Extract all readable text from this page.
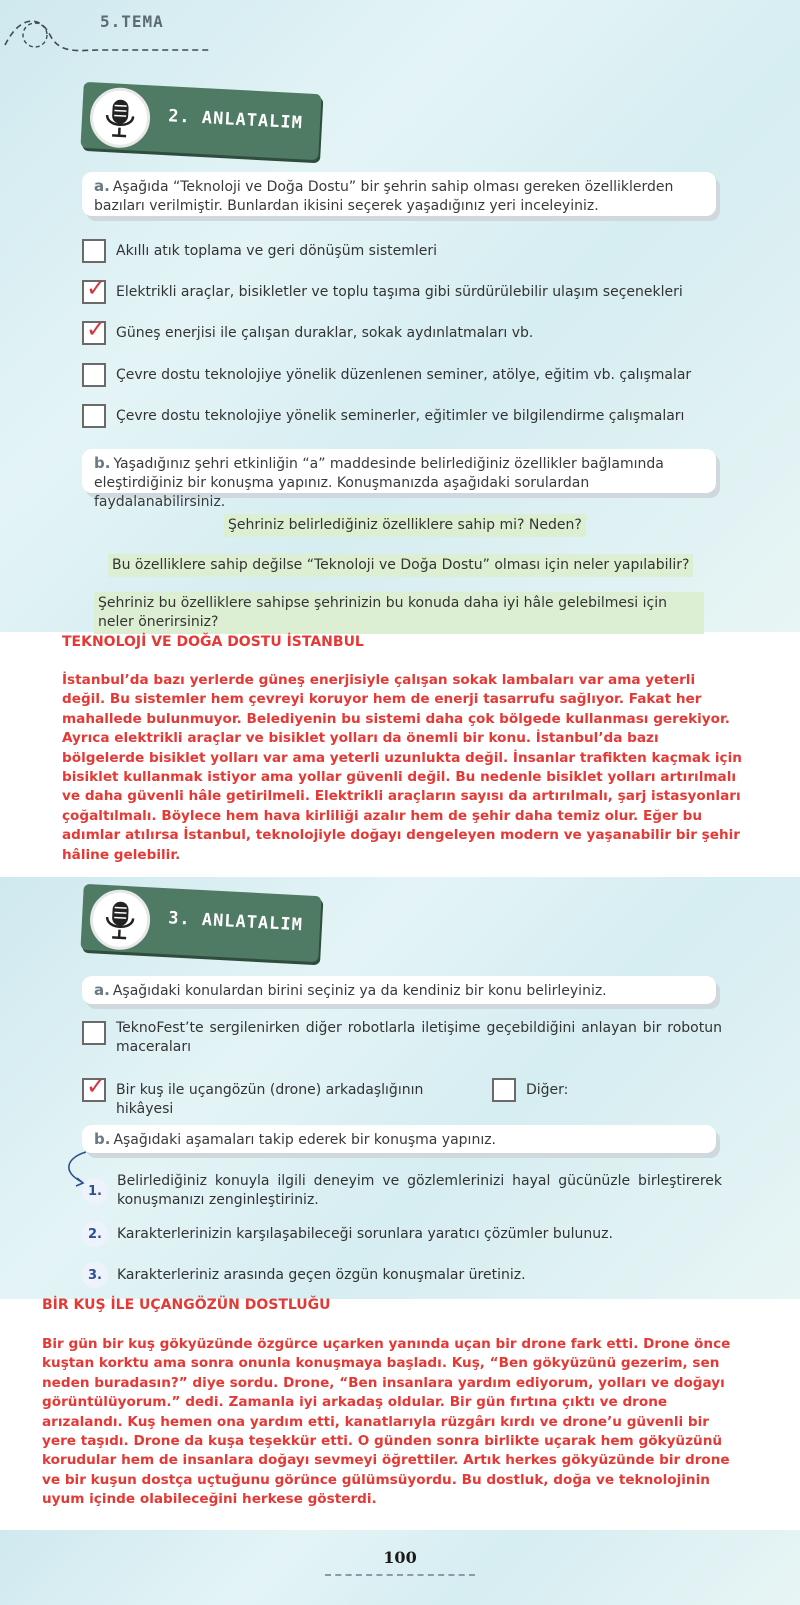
5.TEMA
2. ANLATALIM
a. Aşağıda “Teknoloji ve Doğa Dostu” bir şehrin sahip olması gereken özelliklerden bazıları verilmiştir. Bunlardan ikisini seçerek yaşadığınız yeri inceleyiniz.
Akıllı atık toplama ve geri dönüşüm sistemleri
✓ Elektrikli araçlar, bisikletler ve toplu taşıma gibi sürdürülebilir ulaşım seçenekleri
✓ Güneş enerjisi ile çalışan duraklar, sokak aydınlatmaları vb.
Çevre dostu teknolojiye yönelik düzenlenen seminer, atölye, eğitim vb. çalışmalar
Çevre dostu teknolojiye yönelik seminerler, eğitimler ve bilgilendirme çalışmaları
b. Yaşadığınız şehri etkinliğin “a” maddesinde belirlediğiniz özellikler bağlamında eleştirdiğiniz bir konuşma yapınız. Konuşmanızda aşağıdaki sorulardan faydalanabilirsiniz.
Şehriniz belirlediğiniz özelliklere sahip mi? Neden?
Bu özelliklere sahip değilse “Teknoloji ve Doğa Dostu” olması için neler yapılabilir?
Şehriniz bu özelliklere sahipse şehrinizin bu konuda daha iyi hâle gelebilmesi için neler önerirsiniz?
TEKNOLOJİ VE DOĞA DOSTU İSTANBUL
İstanbul’da bazı yerlerde güneş enerjisiyle çalışan sokak lambaları var ama yeterli değil. Bu sistemler hem çevreyi koruyor hem de enerji tasarrufu sağlıyor. Fakat her mahallede bulunmuyor. Belediyenin bu sistemi daha çok bölgede kullanması gerekiyor. Ayrıca elektrikli araçlar ve bisiklet yolları da önemli bir konu. İstanbul’da bazı bölgelerde bisiklet yolları var ama yeterli uzunlukta değil. İnsanlar trafikten kaçmak için bisiklet kullanmak istiyor ama yollar güvenli değil. Bu nedenle bisiklet yolları artırılmalı ve daha güvenli hâle getirilmeli. Elektrikli araçların sayısı da artırılmalı, şarj istasyonları çoğaltılmalı. Böylece hem hava kirliliği azalır hem de şehir daha temiz olur. Eğer bu adımlar atılırsa İstanbul, teknolojiyle doğayı dengeleyen modern ve yaşanabilir bir şehir hâline gelebilir.
3. ANLATALIM
a. Aşağıdaki konulardan birini seçiniz ya da kendiniz bir konu belirleyiniz.
TeknoFest’te sergilenirken diğer robotlarla iletişime geçebildiğini anlayan bir robotun maceraları
✓ Bir kuş ile uçangözün (drone) arkadaşlığının hikâyesi
Diğer:
b. Aşağıdaki aşamaları takip ederek bir konuşma yapınız.
1.
Belirlediğiniz konuyla ilgili deneyim ve gözlemlerinizi hayal gücünüzle birleştirerek konuşmanızı zenginleştiriniz.
2.	Karakterlerinizin karşılaşabileceği sorunlara yaratıcı çözümler bulunuz.
3.	Karakterleriniz arasında geçen özgün konuşmalar üretiniz.
BİR KUŞ İLE UÇANGÖZÜN DOSTLUĞU
Bir gün bir kuş gökyüzünde özgürce uçarken yanında uçan bir drone fark etti. Drone önce kuştan korktu ama sonra onunla konuşmaya başladı. Kuş, “Ben gökyüzünü gezerim, sen neden buradasın?” diye sordu. Drone, “Ben insanlara yardım ediyorum, yolları ve doğayı görüntülüyorum.” dedi. Zamanla iyi arkadaş oldular. Bir gün fırtına çıktı ve drone arızalandı. Kuş hemen ona yardım etti, kanatlarıyla rüzgârı kırdı ve drone’u güvenli bir yere taşıdı. Drone da kuşa teşekkür etti. O günden sonra birlikte uçarak hem gökyüzünü korudular hem de insanlara doğayı sevmeyi öğrettiler. Artık herkes gökyüzünde bir drone ve bir kuşun dostça uçtuğunu görünce gülümsüyordu. Bu dostluk, doğa ve teknolojinin uyum içinde olabileceğini herkese gösterdi.
100
